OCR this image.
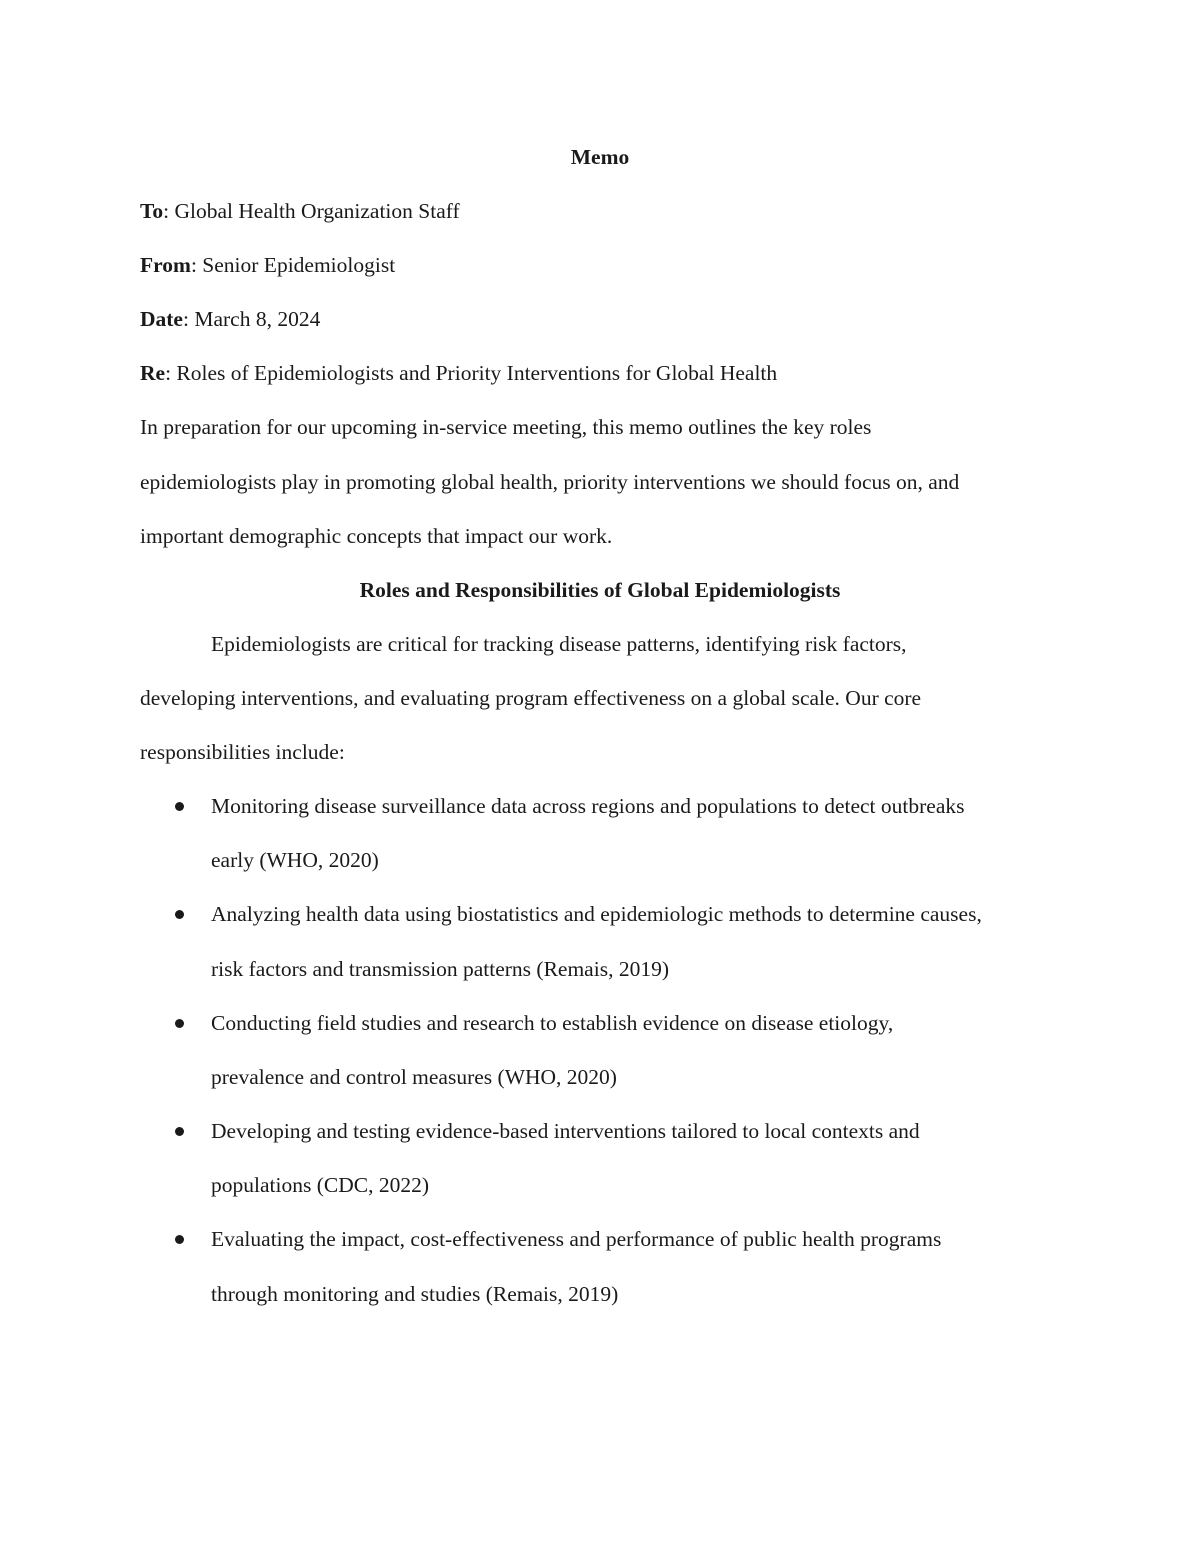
Memo
To: Global Health Organization Staff
From: Senior Epidemiologist
Date: March 8, 2024
Re: Roles of Epidemiologists and Priority Interventions for Global Health
In preparation for our upcoming in-service meeting, this memo outlines the key roles
epidemiologists play in promoting global health, priority interventions we should focus on, and
important demographic concepts that impact our work.
Roles and Responsibilities of Global Epidemiologists
Epidemiologists are critical for tracking disease patterns, identifying risk factors,
developing interventions, and evaluating program effectiveness on a global scale. Our core
responsibilities include:
Monitoring disease surveillance data across regions and populations to detect outbreaks
early (WHO, 2020)
Analyzing health data using biostatistics and epidemiologic methods to determine causes,
risk factors and transmission patterns (Remais, 2019)
Conducting field studies and research to establish evidence on disease etiology,
prevalence and control measures (WHO, 2020)
Developing and testing evidence-based interventions tailored to local contexts and
populations (CDC, 2022)
Evaluating the impact, cost-effectiveness and performance of public health programs
through monitoring and studies (Remais, 2019)
